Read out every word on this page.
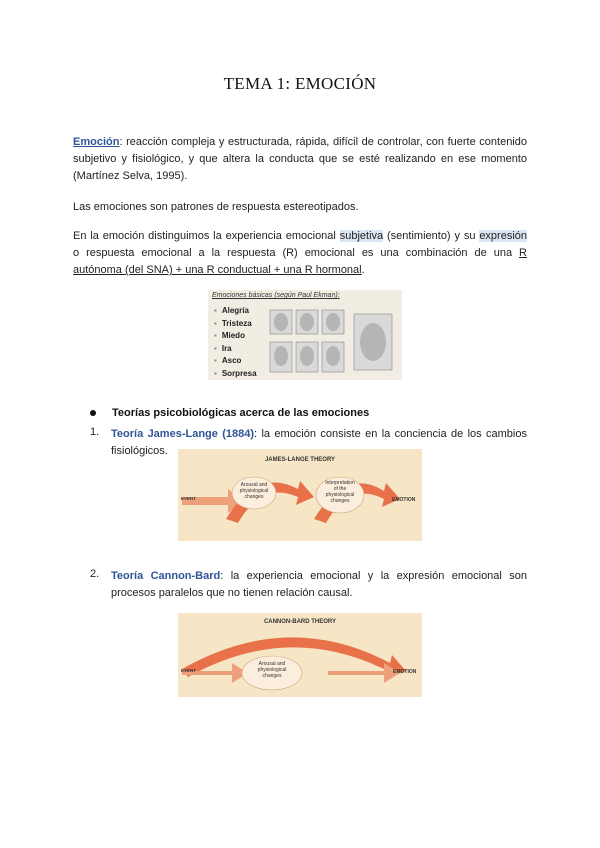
TEMA 1: EMOCIÓN
Emoción: reacción compleja y estructurada, rápida, difícil de controlar, con fuerte contenido subjetivo y fisiológico, y que altera la conducta que se esté realizando en ese momento (Martínez Selva, 1995).
Las emociones son patrones de respuesta estereotipados.
En la emoción distinguimos la experiencia emocional subjetiva (sentimiento) y su expresión o respuesta emocional a la respuesta (R) emocional es una combinación de una R autónoma (del SNA) + una R conductual + una R hormonal.
Emociones básicas (según Paul Ekman):
▪ Alegría
▪ Tristeza
▪ Miedo
▪ Ira
▪ Asco
▪ Sorpresa
Teorías psicobiológicas acerca de las emociones
1. Teoría James-Lange (1884): la emoción consiste en la conciencia de los cambios fisiológicos.
JAMES-LANGE THEORY
EVENT
Arousal and
physiological
changes
Interpretation
of the
physiological
changes	EMOTION
2. Teoría Cannon-Bard: la experiencia emocional y la expresión emocional son procesos paralelos que no tienen relación causal.
CANNON-BARD THEORY
EVENT
Arousal and
physiological
changes
EMOTION
